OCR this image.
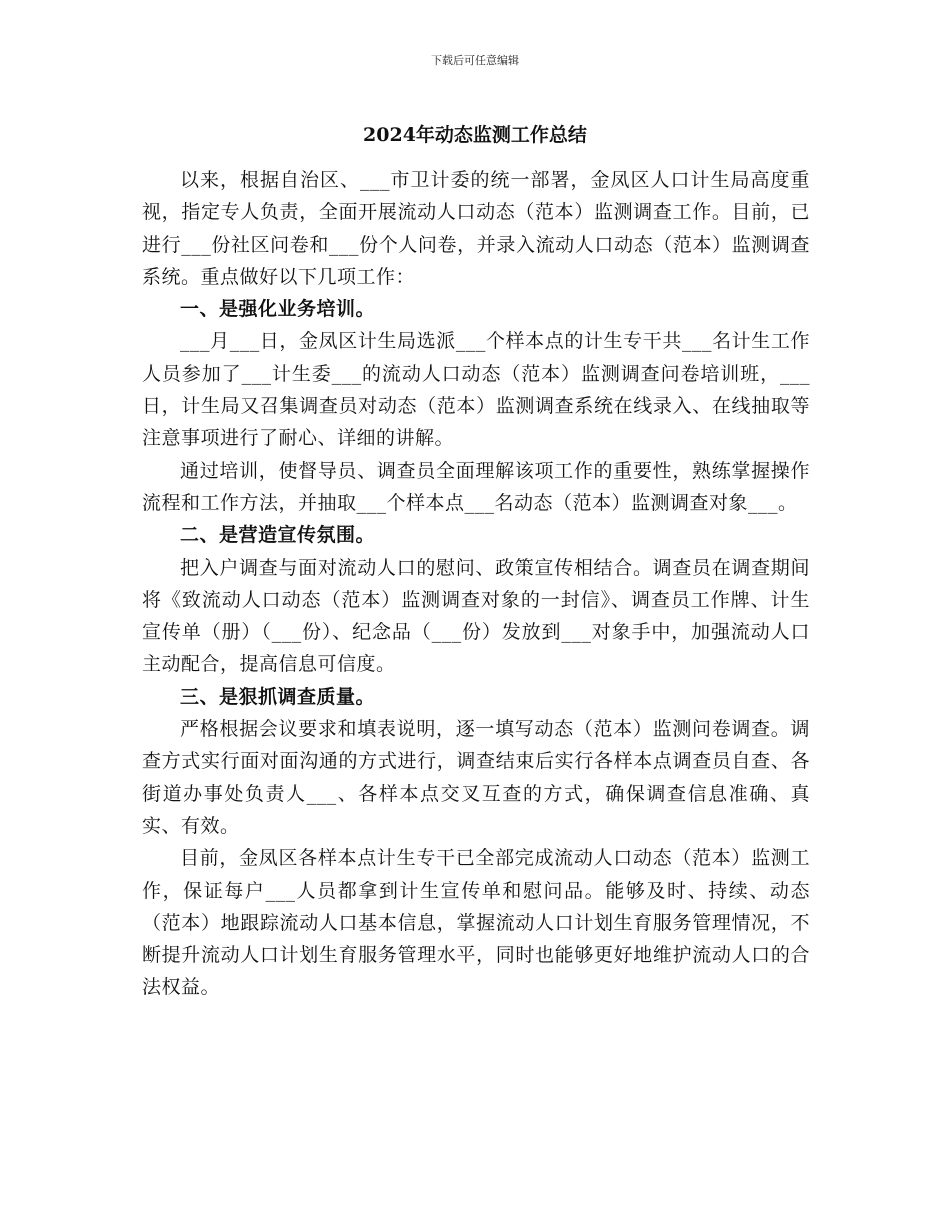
下载后可任意编辑
2024年动态监测工作总结

以来，根据自治区、___市卫计委的统一部署，金凤区人口计生局高度重视，指定专人负责，全面开展流动人口动态（范本）监测调查工作。目前，已进行___份社区问卷和___份个人问卷，并录入流动人口动态（范本）监测调查系统。重点做好以下几项工作：

一、是强化业务培训。

___月___日，金凤区计生局选派___个样本点的计生专干共___名计生工作人员参加了___计生委___的流动人口动态（范本）监测调查问卷培训班，___日，计生局又召集调查员对动态（范本）监测调查系统在线录入、在线抽取等注意事项进行了耐心、详细的讲解。

通过培训，使督导员、调查员全面理解该项工作的重要性，熟练掌握操作流程和工作方法，并抽取___个样本点___名动态（范本）监测调查对象___。

二、是营造宣传氛围。

把入户调查与面对流动人口的慰问、政策宣传相结合。调查员在调查期间将《致流动人口动态（范本）监测调查对象的一封信》、调查员工作牌、计生宣传单（册）（___份）、纪念品（___份）发放到___对象手中，加强流动人口主动配合，提高信息可信度。

三、是狠抓调查质量。

严格根据会议要求和填表说明，逐一填写动态（范本）监测问卷调查。调查方式实行面对面沟通的方式进行，调查结束后实行各样本点调查员自查、各街道办事处负责人___、各样本点交叉互查的方式，确保调查信息准确、真实、有效。

目前，金凤区各样本点计生专干已全部完成流动人口动态（范本）监测工作，保证每户___人员都拿到计生宣传单和慰问品。能够及时、持续、动态（范本）地跟踪流动人口基本信息，掌握流动人口计划生育服务管理情况，不断提升流动人口计划生育服务管理水平，同时也能够更好地维护流动人口的合法权益。
